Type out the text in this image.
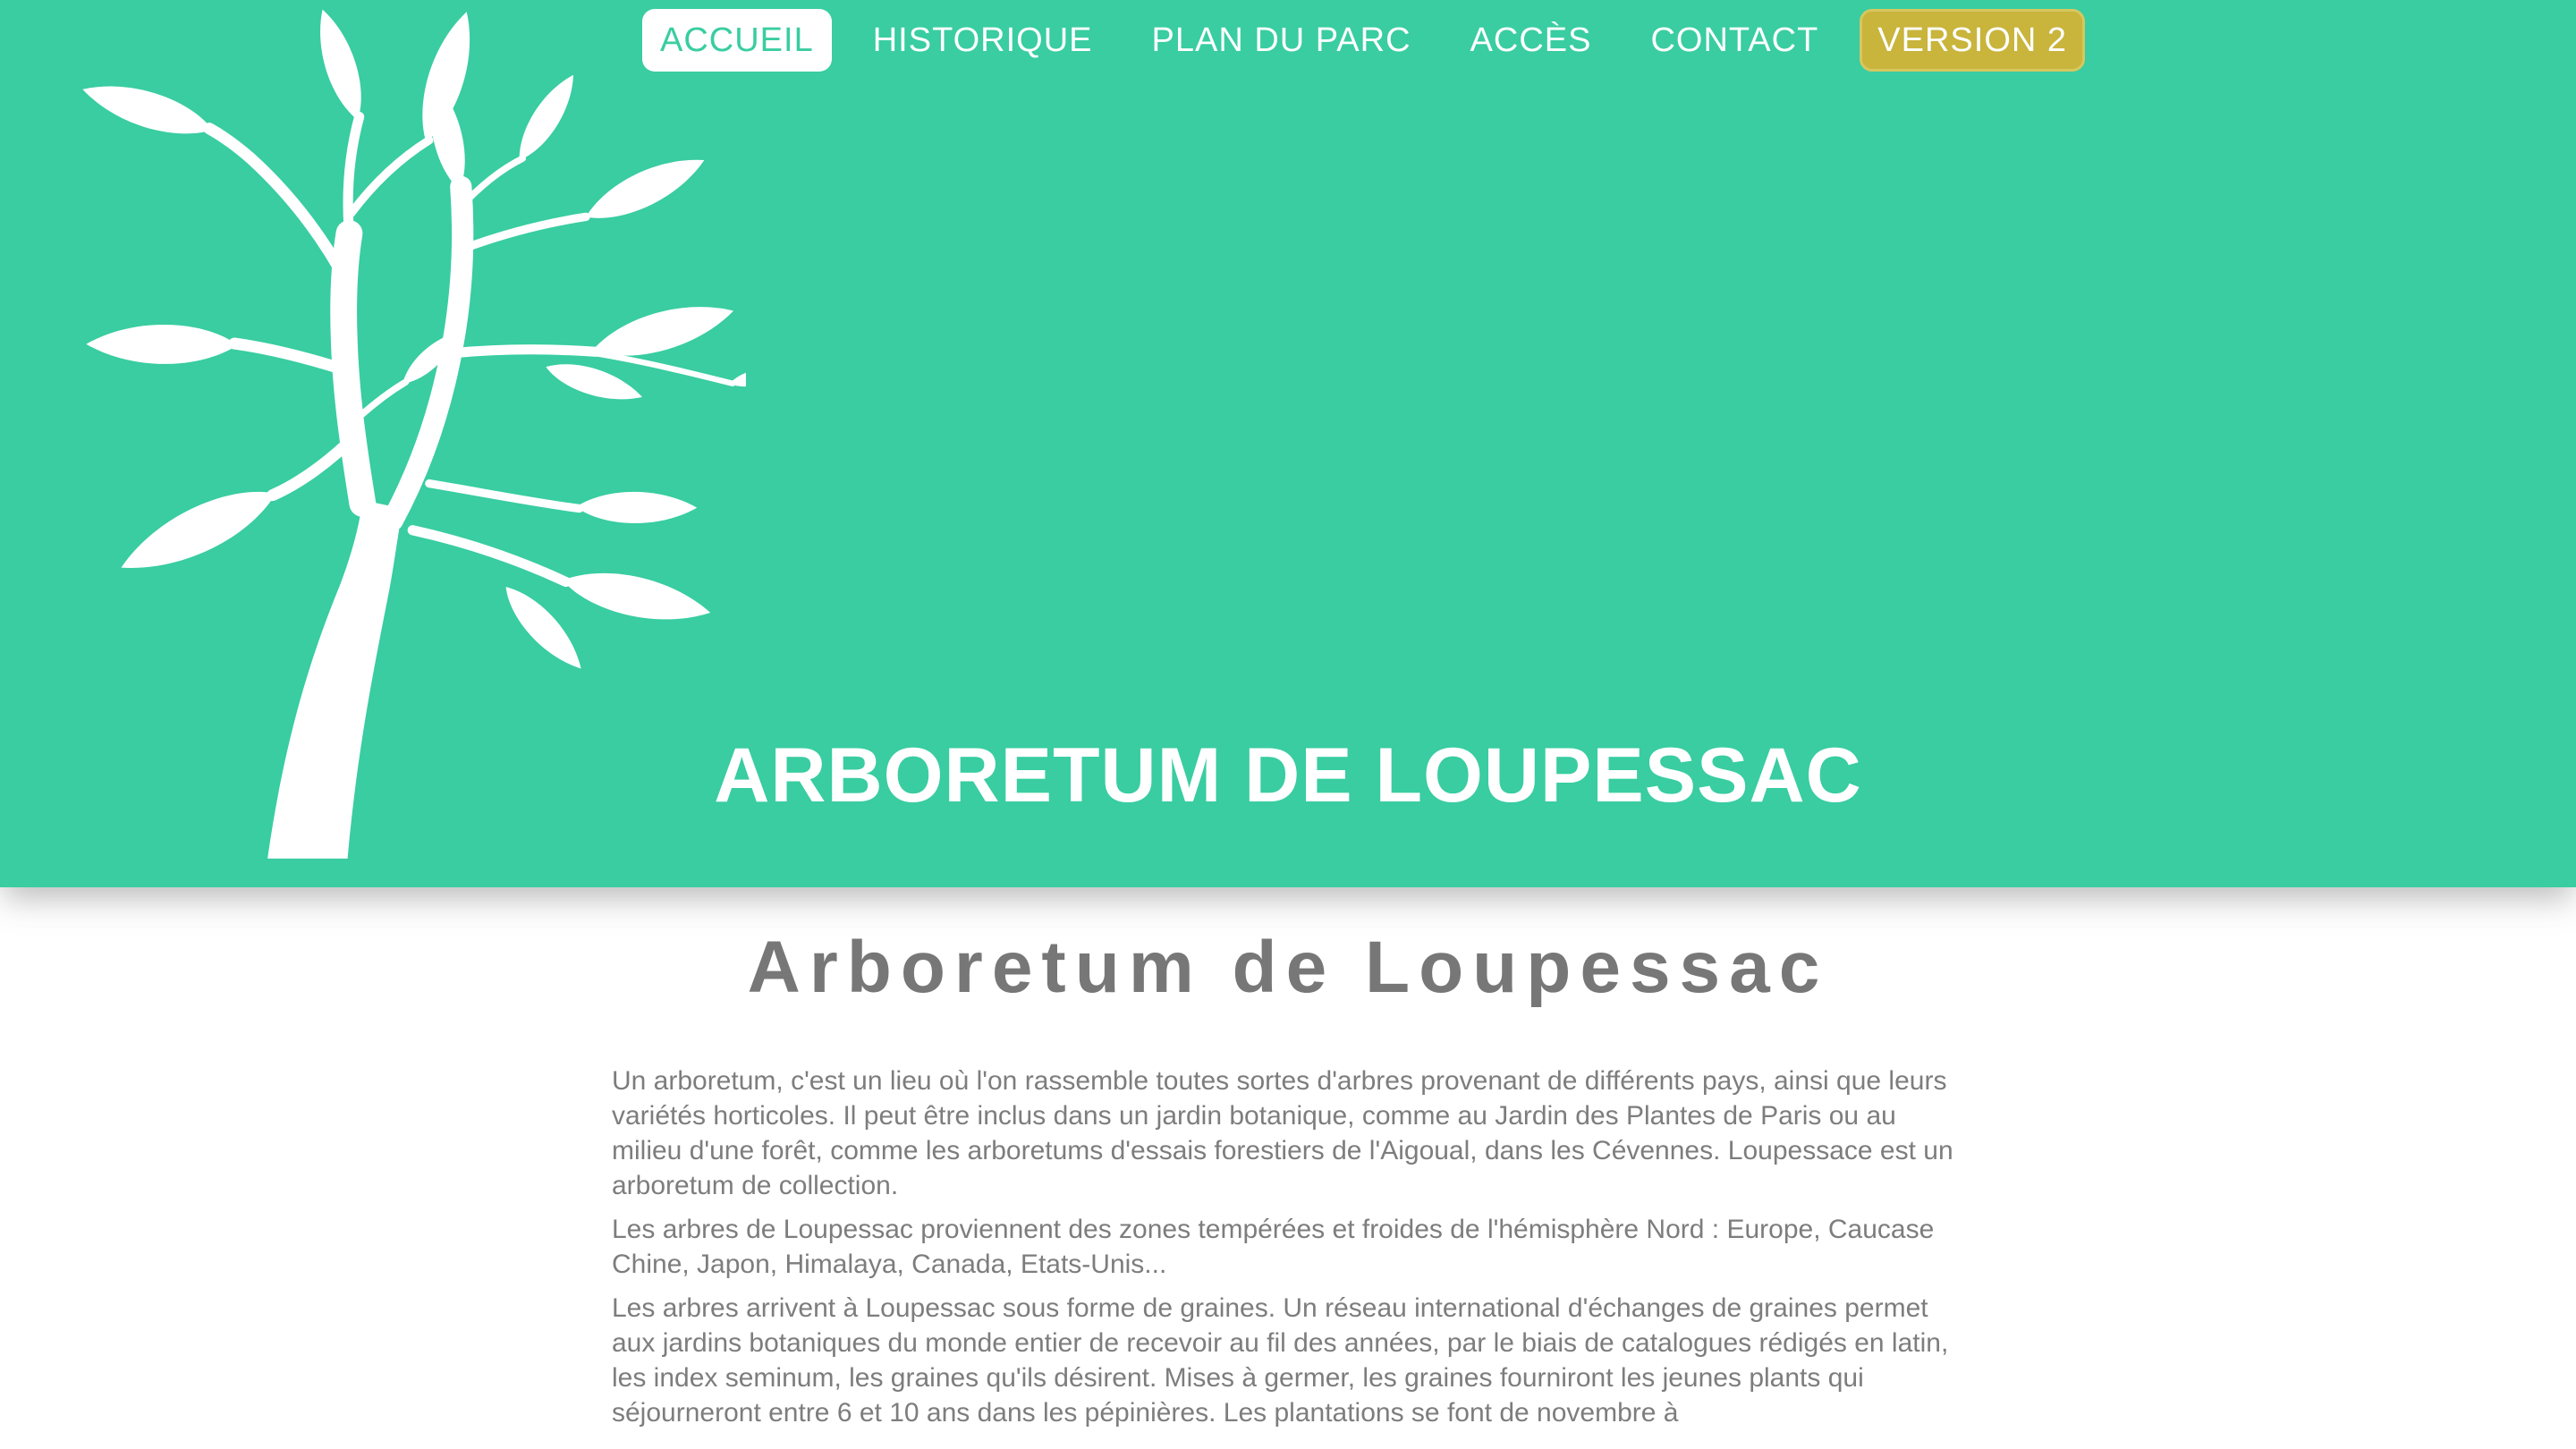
ACCUEIL	HISTORIQUE	PLAN DU PARC	ACCÈS	CONTACT	VERSION 2
ARBORETUM DE LOUPESSAC
Arboretum de Loupessac

Un arboretum, c'est un lieu où l'on rassemble toutes sortes d'arbres provenant de différents pays, ainsi que leurs variétés horticoles. Il peut être inclus dans un jardin botanique, comme au Jardin des Plantes de Paris ou au milieu d'une forêt, comme les arboretums d'essais forestiers de l'Aigoual, dans les Cévennes. Loupessace est un arboretum de collection.

Les arbres de Loupessac proviennent des zones tempérées et froides de l'hémisphère Nord : Europe, Caucase Chine, Japon, Himalaya, Canada, Etats-Unis...

Les arbres arrivent à Loupessac sous forme de graines. Un réseau international d'échanges de graines permet aux jardins botaniques du monde entier de recevoir au fil des années, par le biais de catalogues rédigés en latin, les index seminum, les graines qu'ils désirent. Mises à germer, les graines fourniront les jeunes plants qui séjourneront entre 6 et 10 ans dans les pépinières. Les plantations se font de novembre à
